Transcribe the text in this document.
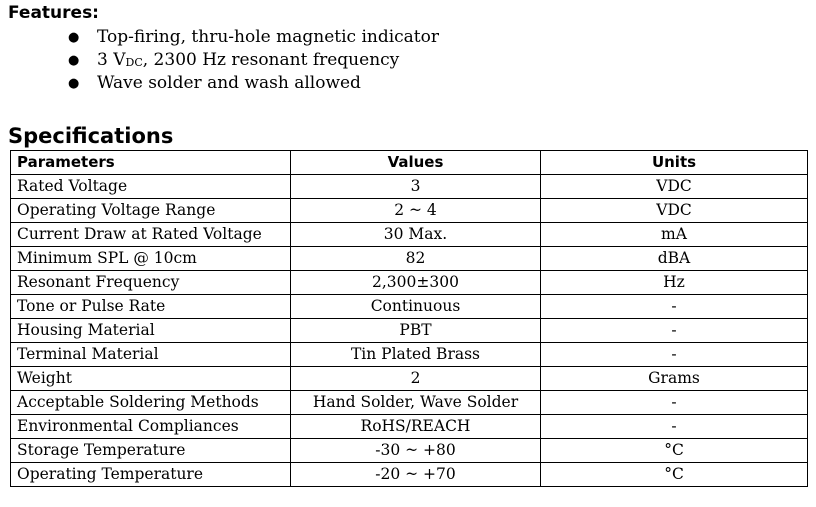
Features:
● Top-firing, thru-hole magnetic indicator
● 3 VDC, 2300 Hz resonant frequency
● Wave solder and wash allowed
Specifications
Parameters	Values	Units
Rated Voltage	3	VDC
Operating Voltage Range	2 ~ 4	VDC
Current Draw at Rated Voltage	30 Max.	mA
Minimum SPL @ 10cm	82	dBA
Resonant Frequency	2,300±300	Hz
Tone or Pulse Rate	Continuous	-
Housing Material	PBT	-
Terminal Material	Tin Plated Brass	-
Weight	2	Grams
Acceptable Soldering Methods	Hand Solder, Wave Solder	-
Environmental Compliances	RoHS/REACH	-
Storage Temperature	-30 ~ +80	°C
Operating Temperature	-20 ~ +70	°C
